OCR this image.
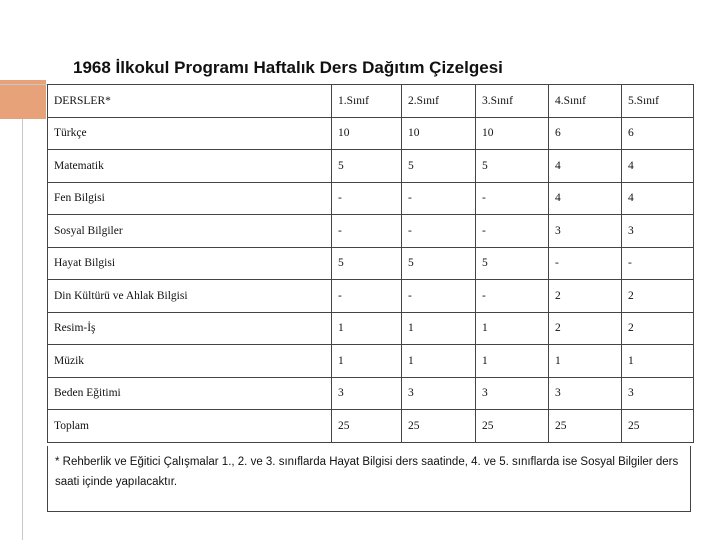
1968 İlkokul Programı Haftalık Ders Dağıtım Çizelgesi
DERSLER*	1.Sınıf	2.Sınıf	3.Sınıf	4.Sınıf	5.Sınıf
Türkçe	10	10	10	6	6
Matematik	5	5	5	4	4
Fen Bilgisi	-	-	-	4	4
Sosyal Bilgiler	-	-	-	3	3
Hayat Bilgisi	5	5	5	-	-
Din Kültürü ve Ahlak Bilgisi	-	-	-	2	2
Resim-İş	1	1	1	2	2
Müzik	1	1	1	1	1
Beden Eğitimi	3	3	3	3	3
Toplam	25	25	25	25	25
* Rehberlik ve Eğitici Çalışmalar 1., 2. ve 3. sınıflarda Hayat Bilgisi ders saatinde, 4. ve 5. sınıflarda ise Sosyal Bilgiler ders saati içinde yapılacaktır.
